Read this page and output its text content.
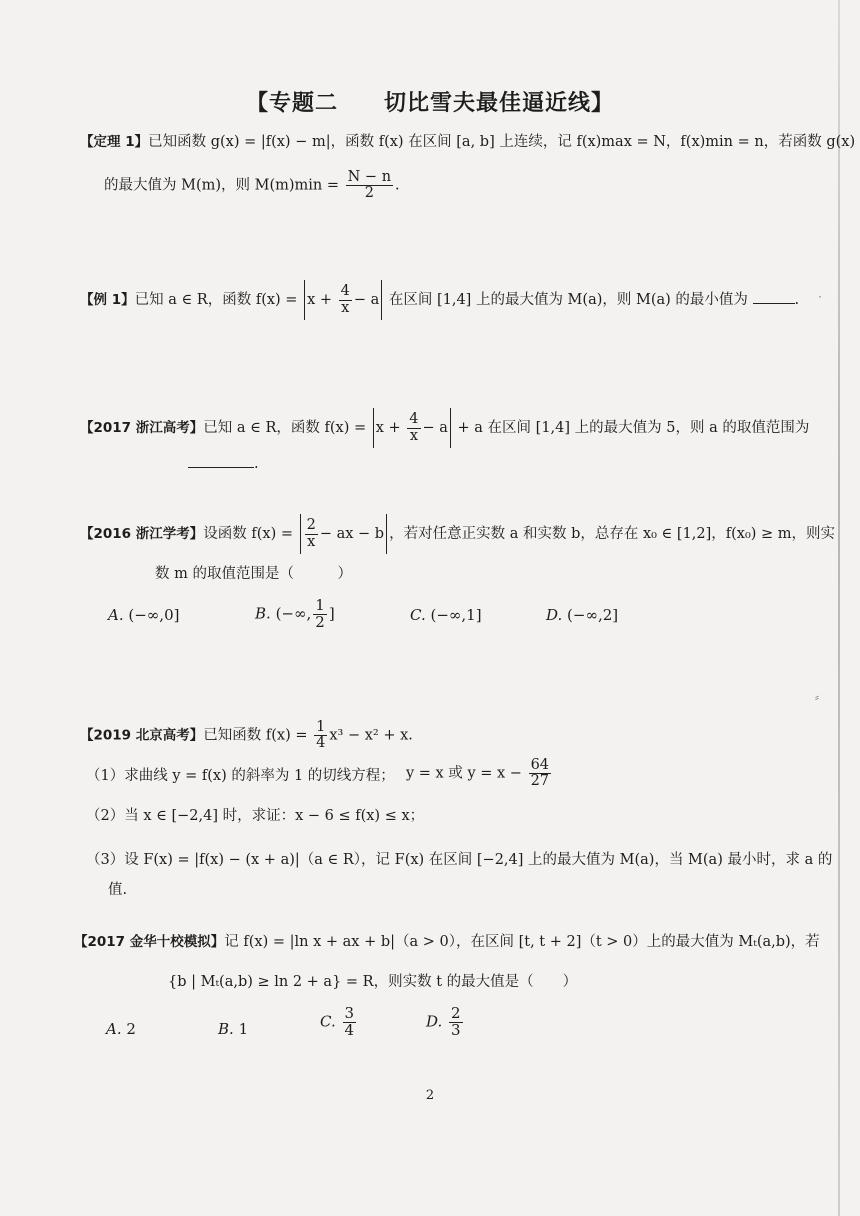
·
⸗
【专题二　　切比雪夫最佳逼近线】
【定理 1】已知函数 g(x) = |f(x) − m|，函数 f(x) 在区间 [a, b] 上连续，记 f(x)max = N，f(x)min = n，若函数 g(x)
的最大值为 M(m)，则 $M(m)\min = \frac{N - n}{2}$ .
【例 1】已知 a ∈ R，函数 $f(x) = x + \frac{4}{x} - a$ 在区间 [1,4] 上的最大值为 M(a)，则 M(a) 的最小值为	.
【2017 浙江高考】已知 a ∈ R，函数 $f(x) = x + \frac{4}{x} - a + a$ 在区间 [1,4] 上的最大值为 5，则 a 的取值范围为
.
【2016 浙江学考】设函数 $f(x) = \frac{2}{x}$ − ax − b ，若对任意正实数 a 和实数 b，总存在 x₀ ∈ [1,2]，f(x₀) ≥ m，则实
数 m 的取值范围是（　　　）
A. (−∞,0]	B. (−∞, $\frac{1}{2}$ ]	C. (−∞,1]	D. (−∞,2]
【2019 北京高考】已知函数 $f(x) = \frac{1}{4} x^3 - x^2 + x$.
（1）求曲线 y = f(x) 的斜率为 1 的切线方程； y = x 或 $y = x - \frac{64}{27}$
（2）当 x ∈ [−2,4] 时，求证：x − 6 ≤ f(x) ≤ x；
（3）设 F(x) = |f(x) − (x + a)|（a ∈ R），记 F(x) 在区间 [−2,4] 上的最大值为 M(a)，当 M(a) 最小时，求 a 的
值.
【2017 金华十校模拟】记 f(x) = |ln x + ax + b|（a > 0），在区间 [t, t + 2]（t > 0）上的最大值为 Mₜ(a,b)，若
{b | Mₜ(a,b) ≥ ln 2 + a} = R，则实数 t 的最大值是（　　）
A. 2	B. 1	C. $\frac{3}{4}$	D. $\frac{2}{3}$
2
